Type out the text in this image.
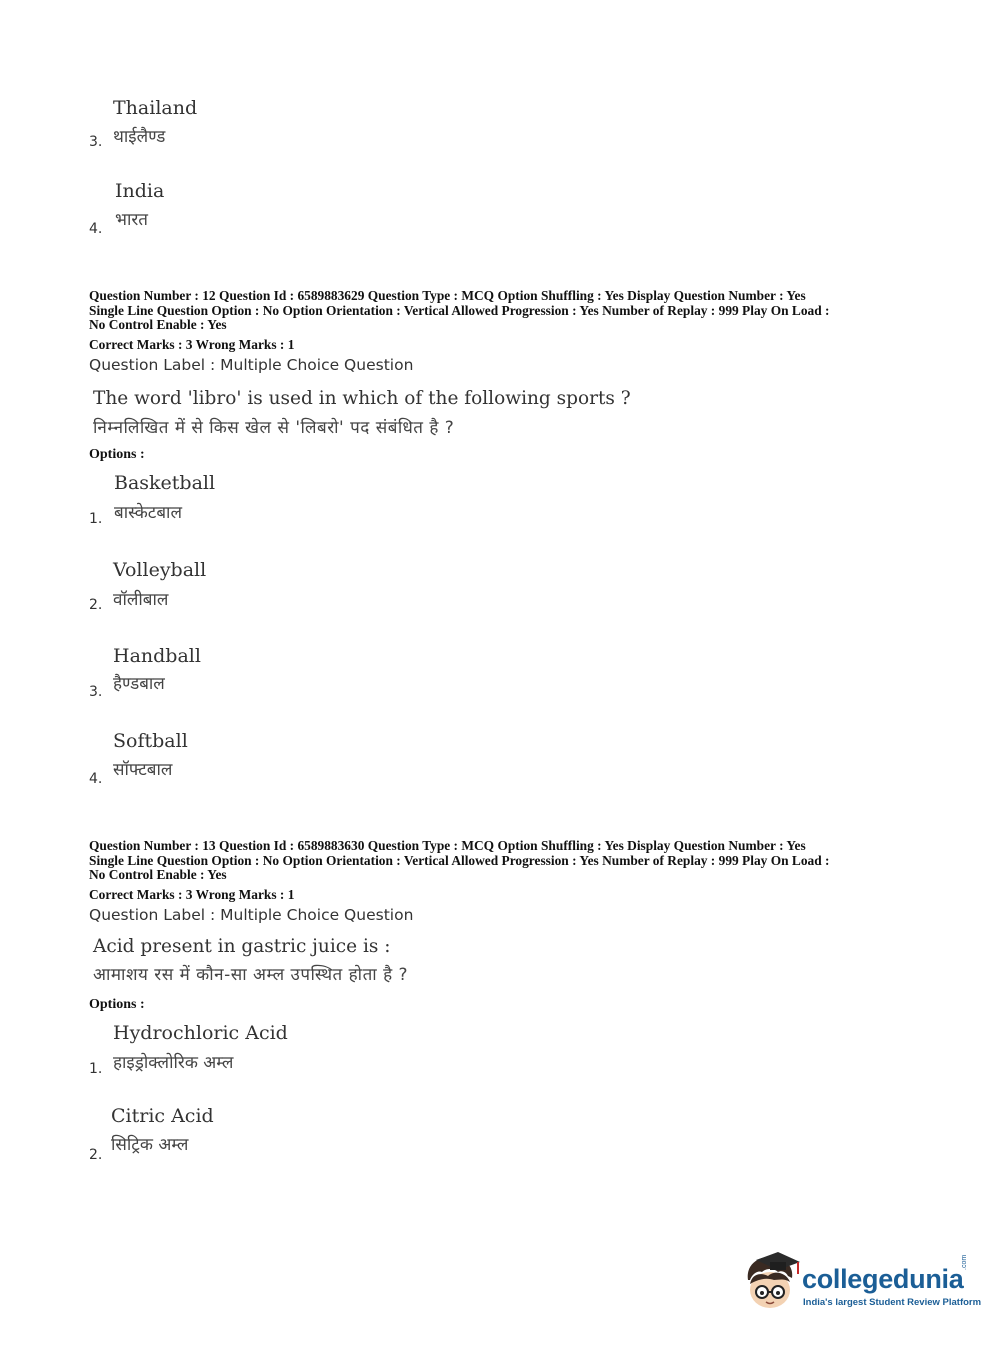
Thailand
थाईलैण्ड
3.
India
भारत
4.
Question Number : 12 Question Id : 6589883629 Question Type : MCQ Option Shuffling : Yes Display Question Number : Yes
Single Line Question Option : No Option Orientation : Vertical Allowed Progression : Yes Number of Replay : 999 Play On Load :
No Control Enable : Yes
Correct Marks : 3 Wrong Marks : 1
Question Label : Multiple Choice Question
The word 'libro' is used in which of the following sports ?
निम्नलिखित में से किस खेल से 'लिबरो' पद संबंधित है ?
Options :
Basketball
बास्केटबाल
1.
Volleyball
वॉलीबाल
2.
Handball
हैण्डबाल
3.
Softball
सॉफ्टबाल
4.
Question Number : 13 Question Id : 6589883630 Question Type : MCQ Option Shuffling : Yes Display Question Number : Yes
Single Line Question Option : No Option Orientation : Vertical Allowed Progression : Yes Number of Replay : 999 Play On Load :
No Control Enable : Yes
Correct Marks : 3 Wrong Marks : 1
Question Label : Multiple Choice Question
Acid present in gastric juice is :
आमाशय रस में कौन-सा अम्ल उपस्थित होता है ?
Options :
Hydrochloric Acid
हाइड्रोक्लोरिक अम्ल
1.
Citric Acid
सिट्रिक अम्ल
2.
collegedunia
.com
India's largest Student Review Platform
